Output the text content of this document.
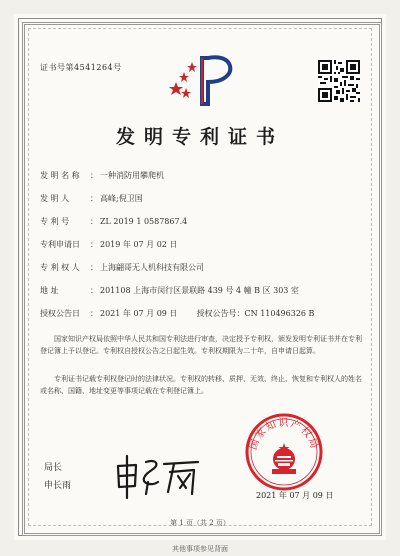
证书号第4541264号
发明专利证书
发 明 名 称 ： 一种消防用攀爬机
发 明 人	： 高峰;倪卫国
专 利 号	： ZL 2019 1 0587867.4
专利申请日 ： 2019 年 07 月 02 日
专 利 权 人 ： 上海翩哥无人机科技有限公司
地 址	： 201108 上海市闵行区景联路 439 号 4 幢 B 区 303 室
授权公告日 ： 2021 年 07 月 09 日 授权公告号：CN 110496326 B
国家知识产权局依照中华人民共和国专利法进行审查，决定授予专利权，颁发发明专利证书并在专利登记簿上予以登记。专利权自授权公告之日起生效。专利权期限为二十年，自申请日起算。
专利证书记载专利权登记时的法律状况。专利权的转移、质押、无效、终止、恢复和专利权人的姓名或名称、国籍、地址变更等事项记载在专利登记簿上。
局长
申长雨
国家知识产权局
2021 年 07 月 09 日
第 1 页（共 2 页）
其他事项参见背面
